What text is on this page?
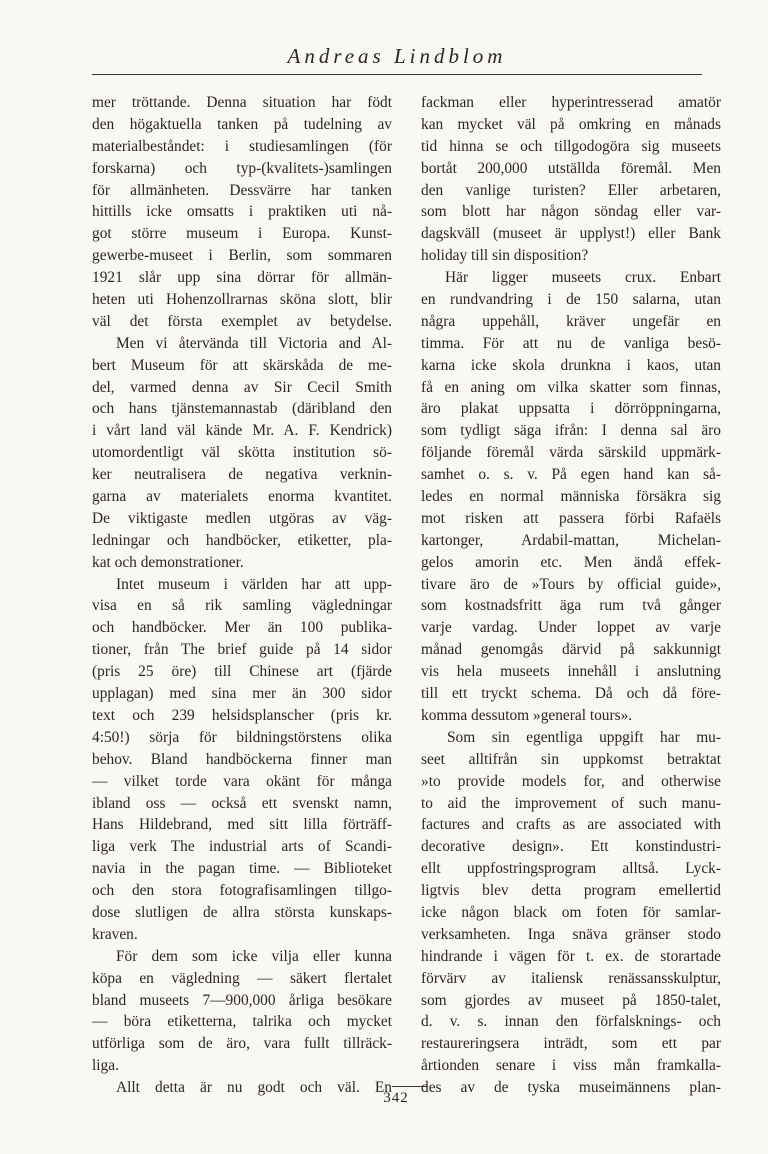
Andreas Lindblom
mer tröttande. Denna situation har födt
den högaktuella tanken på tudelning av
materialbeståndet: i studiesamlingen (för
forskarna) och typ-(kvalitets-)samlingen
för allmänheten. Dessvärre har tanken
hittills icke omsatts i praktiken uti nå-
got större museum i Europa. Kunst-
gewerbe-museet i Berlin, som sommaren
1921 slår upp sina dörrar för allmän-
heten uti Hohenzollrarnas sköna slott, blir
väl det första exemplet av betydelse.
Men vi återvända till Victoria and Al-
bert Museum för att skärskåda de me-
del, varmed denna av Sir Cecil Smith
och hans tjänstemannastab (däribland den
i vårt land väl kände Mr. A. F. Kendrick)
utomordentligt väl skötta institution sö-
ker neutralisera de negativa verknin-
garna av materialets enorma kvantitet.
De viktigaste medlen utgöras av väg-
ledningar och handböcker, etiketter, pla-
kat och demonstrationer.
Intet museum i världen har att upp-
visa en så rik samling vägledningar
och handböcker. Mer än 100 publika-
tioner, från The brief guide på 14 sidor
(pris 25 öre) till Chinese art (fjärde
upplagan) med sina mer än 300 sidor
text och 239 helsidsplanscher (pris kr.
4:50!) sörja för bildningstörstens olika
behov. Bland handböckerna finner man
— vilket torde vara okänt för många
ibland oss — också ett svenskt namn,
Hans Hildebrand, med sitt lilla förträff-
liga verk The industrial arts of Scandi-
navia in the pagan time. — Biblioteket
och den stora fotografisamlingen tillgo-
dose slutligen de allra största kunskaps-
kraven.
För dem som icke vilja eller kunna
köpa en vägledning — säkert flertalet
bland museets 7—900,000 årliga besökare
— böra etiketterna, talrika och mycket
utförliga som de äro, vara fullt tillräck-
liga.
Allt detta är nu godt och väl. En
fackman eller hyperintresserad amatör
kan mycket väl på omkring en månads
tid hinna se och tillgodogöra sig museets
bortåt 200,000 utställda föremål. Men
den vanlige turisten? Eller arbetaren,
som blott har någon söndag eller var-
dagskväll (museet är upplyst!) eller Bank
holiday till sin disposition?
Här ligger museets crux. Enbart
en rundvandring i de 150 salarna, utan
några uppehåll, kräver ungefär en
timma. För att nu de vanliga besö-
karna icke skola drunkna i kaos, utan
få en aning om vilka skatter som finnas,
äro plakat uppsatta i dörröppningarna,
som tydligt säga ifrån: I denna sal äro
följande föremål värda särskild uppmärk-
samhet o. s. v. På egen hand kan så-
ledes en normal människa försäkra sig
mot risken att passera förbi Rafaëls
kartonger, Ardabil-mattan, Michelan-
gelos amorin etc. Men ändå effek-
tivare äro de »Tours by official guide»,
som kostnadsfritt äga rum två gånger
varje vardag. Under loppet av varje
månad genomgås därvid på sakkunnigt
vis hela museets innehåll i anslutning
till ett tryckt schema. Då och då före-
komma dessutom »general tours».
Som sin egentliga uppgift har mu-
seet alltifrån sin uppkomst betraktat
»to provide models for, and otherwise
to aid the improvement of such manu-
factures and crafts as are associated with
decorative design». Ett konstindustri-
ellt uppfostringsprogram alltså. Lyck-
ligtvis blev detta program emellertid
icke någon black om foten för samlar-
verksamheten. Inga snäva gränser stodo
hindrande i vägen för t. ex. de storartade
förvärv av italiensk renässansskulptur,
som gjordes av museet på 1850-talet,
d. v. s. innan den förfalsknings- och
restaureringsera inträdt, som ett par
årtionden senare i viss mån framkalla-
des av de tyska museimännens plan-
342
